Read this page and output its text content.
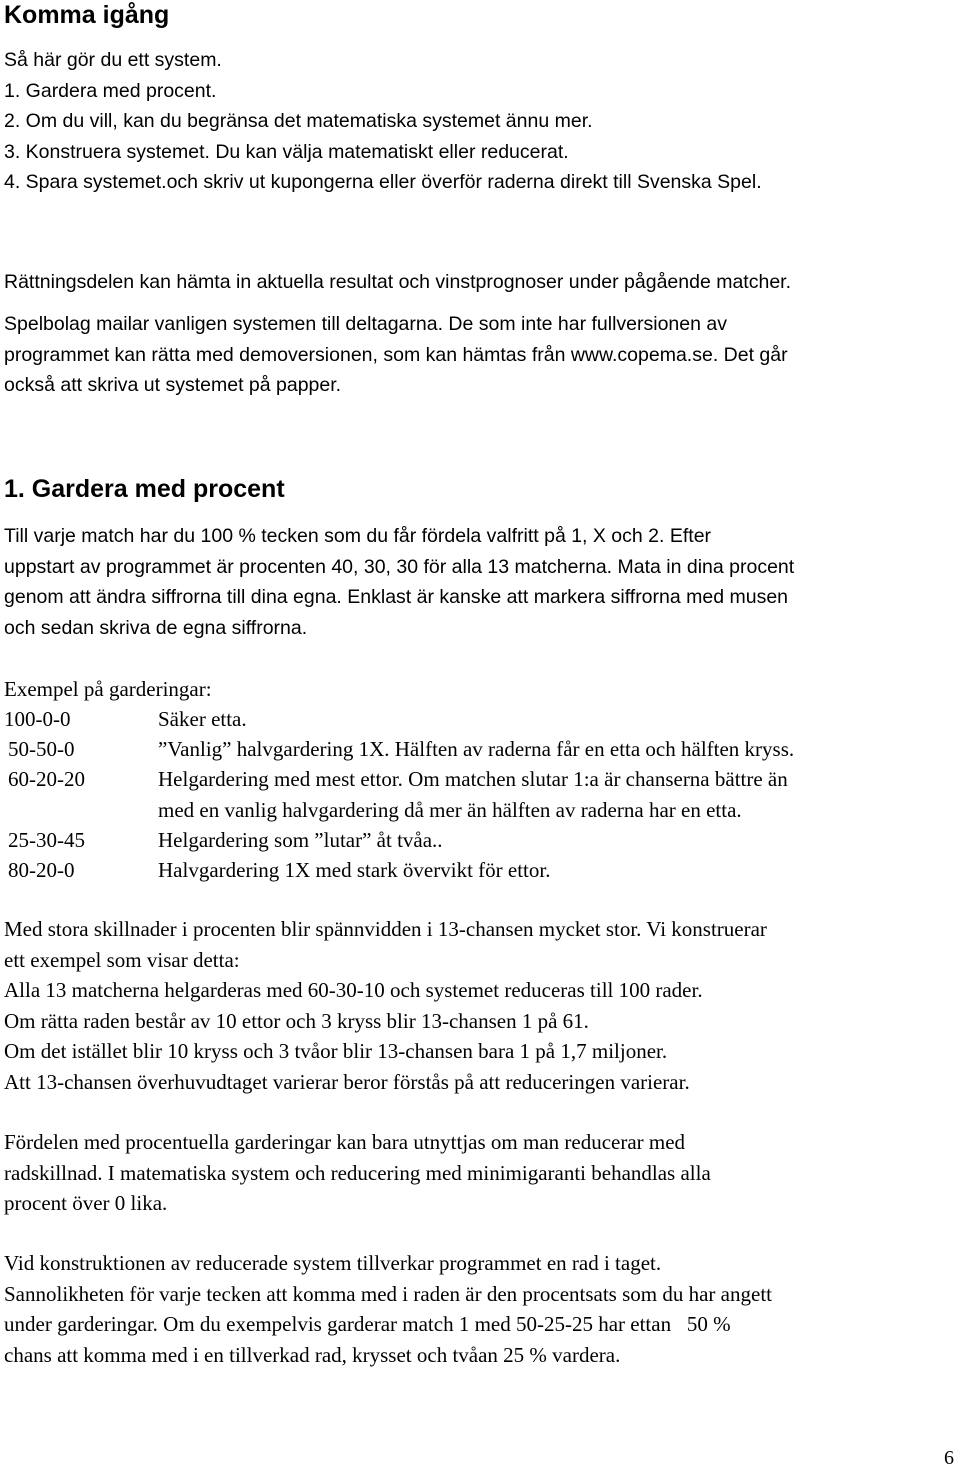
Komma igång
Så här gör du ett system.
1. Gardera med procent.
2. Om du vill, kan du begränsa det matematiska systemet ännu mer.
3. Konstruera systemet. Du kan välja matematiskt eller reducerat.
4. Spara systemet.och skriv ut kupongerna eller överför raderna direkt till Svenska Spel.
Rättningsdelen kan hämta in aktuella resultat och vinstprognoser under pågående matcher.
Spelbolag mailar vanligen systemen till deltagarna. De som inte har fullversionen av
programmet kan rätta med demoversionen, som kan hämtas från www.copema.se. Det går
också att skriva ut systemet på papper.
1. Gardera med procent
Till varje match har du 100 % tecken som du får fördela valfritt på 1, X och 2. Efter
uppstart av programmet är procenten 40, 30, 30 för alla 13 matcherna. Mata in dina procent
genom att ändra siffrorna till dina egna. Enklast är kanske att markera siffrorna med musen
och sedan skriva de egna siffrorna.
Exempel på garderingar:
100-0-0	Säker etta.
50-50-0	”Vanlig” halvgardering 1X. Hälften av raderna får en etta och hälften kryss.
60-20-20	Helgardering med mest ettor. Om matchen slutar 1:a är chanserna bättre än
med en vanlig halvgardering då mer än hälften av raderna har en etta.
25-30-45	Helgardering som ”lutar” åt tvåa..
80-20-0	Halvgardering 1X med stark övervikt för ettor.
Med stora skillnader i procenten blir spännvidden i 13-chansen mycket stor. Vi konstruerar
ett exempel som visar detta:
Alla 13 matcherna helgarderas med 60-30-10 och systemet reduceras till 100 rader.
Om rätta raden består av 10 ettor och 3 kryss blir 13-chansen 1 på 61.
Om det istället blir 10 kryss och 3 tvåor blir 13-chansen bara 1 på 1,7 miljoner.
Att 13-chansen överhuvudtaget varierar beror förstås på att reduceringen varierar.
Fördelen med procentuella garderingar kan bara utnyttjas om man reducerar med
radskillnad. I matematiska system och reducering med minimigaranti behandlas alla
procent över 0 lika.
Vid konstruktionen av reducerade system tillverkar programmet en rad i taget.
Sannolikheten för varje tecken att komma med i raden är den procentsats som du har angett
under garderingar. Om du exempelvis garderar match 1 med 50-25-25 har ettan   50 %
chans att komma med i en tillverkad rad, krysset och tvåan 25 % vardera.
6
